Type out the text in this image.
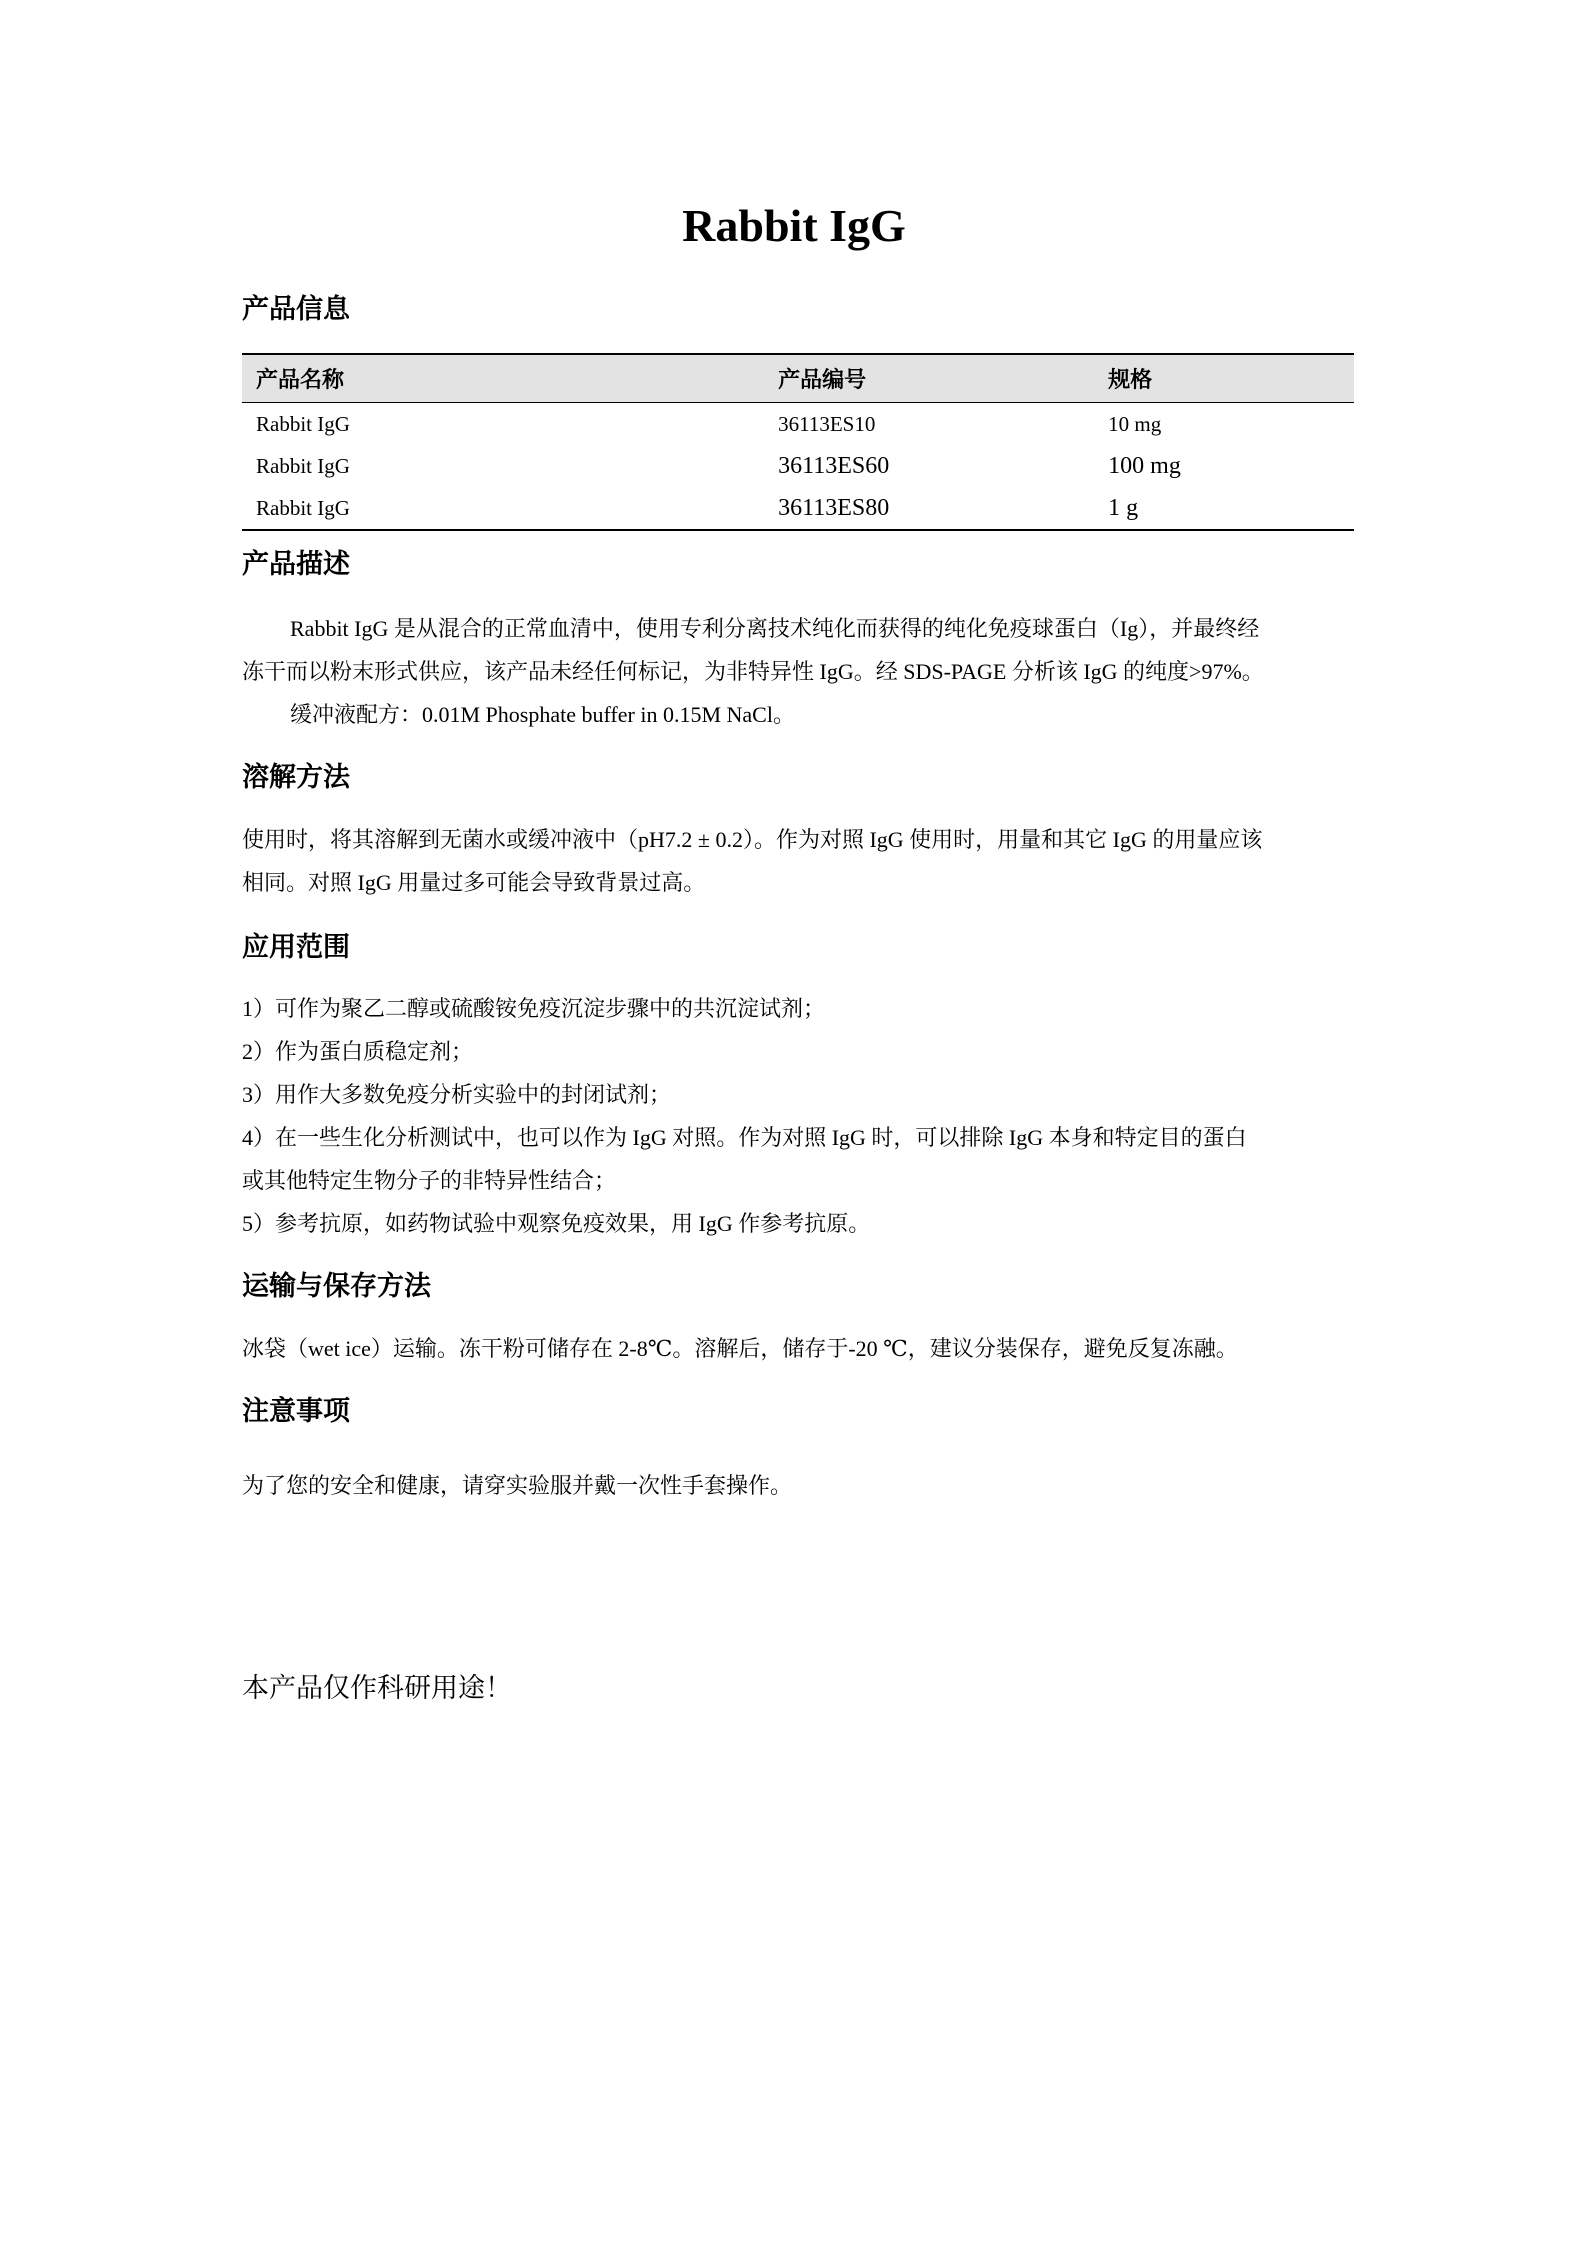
Rabbit IgG
产品信息
产品名称	产品编号	规格
Rabbit IgG	36113ES10	10 mg
Rabbit IgG	36113ES60	100 mg
Rabbit IgG	36113ES80	1 g
产品描述
Rabbit IgG 是从混合的正常血清中，使用专利分离技术纯化而获得的纯化免疫球蛋白（Ig），并最终经
冻干而以粉末形式供应，该产品未经任何标记，为非特异性 IgG。经 SDS-PAGE 分析该 IgG 的纯度>97%。
缓冲液配方：0.01M Phosphate buffer in 0.15M NaCl。
溶解方法
使用时，将其溶解到无菌水或缓冲液中（pH7.2 ± 0.2）。作为对照 IgG 使用时，用量和其它 IgG 的用量应该
相同。对照 IgG 用量过多可能会导致背景过高。
应用范围
1）可作为聚乙二醇或硫酸铵免疫沉淀步骤中的共沉淀试剂；
2）作为蛋白质稳定剂；
3）用作大多数免疫分析实验中的封闭试剂；
4）在一些生化分析测试中，也可以作为 IgG 对照。作为对照 IgG 时，可以排除 IgG 本身和特定目的蛋白
或其他特定生物分子的非特异性结合；
5）参考抗原，如药物试验中观察免疫效果，用 IgG 作参考抗原。
运输与保存方法
冰袋（wet ice）运输。冻干粉可储存在 2-8℃。溶解后，储存于-20 ℃，建议分装保存，避免反复冻融。
注意事项
为了您的安全和健康，请穿实验服并戴一次性手套操作。
本产品仅作科研用途！
